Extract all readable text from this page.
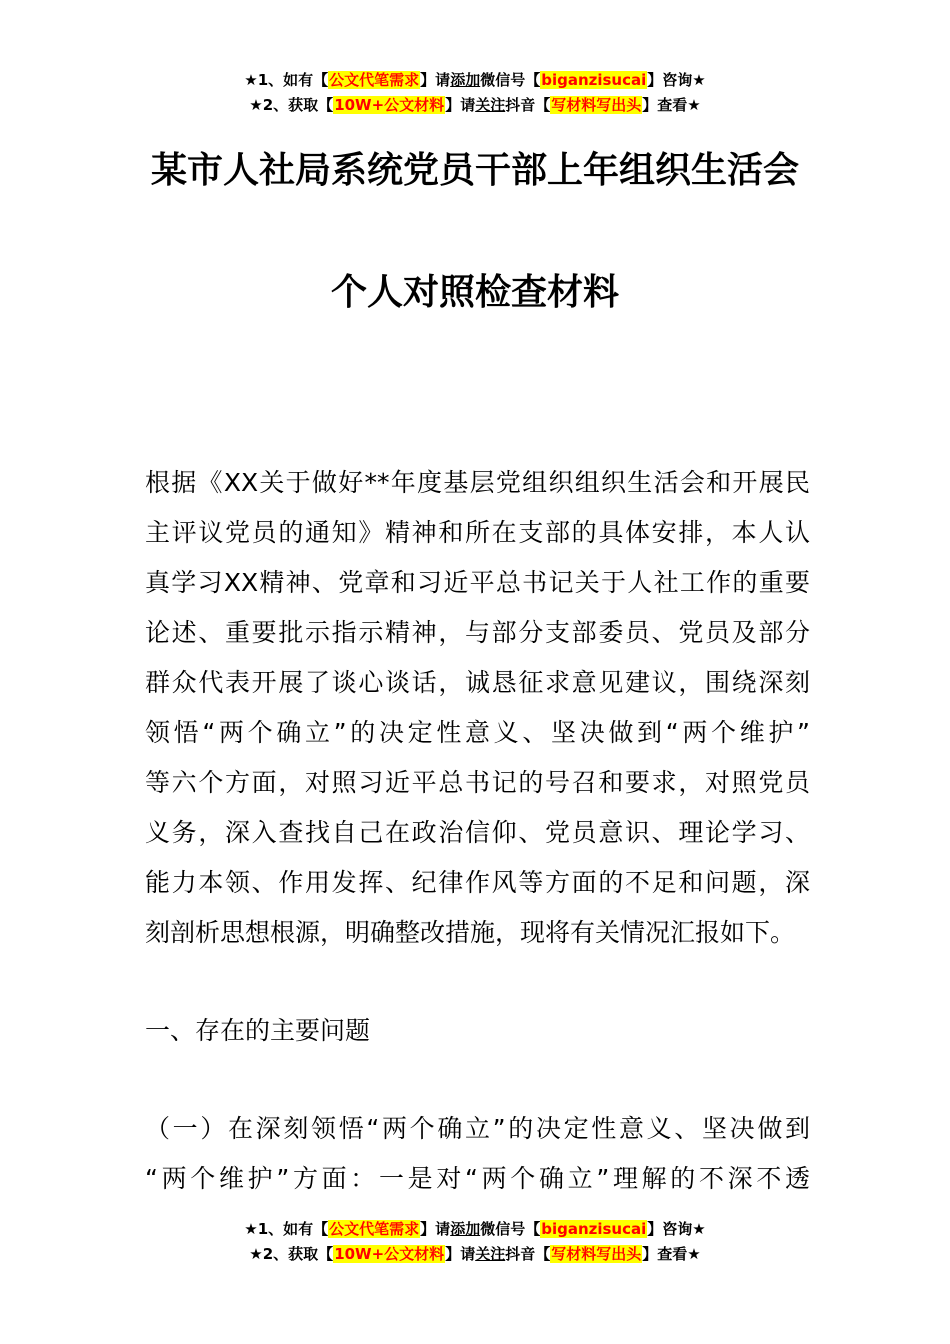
★1、如有【公文代笔需求】请添加微信号【biganzisucai】咨询★
★2、获取【10W+公文材料】请关注抖音【写材料写出头】查看★
某市人社局系统党员干部上年组织生活会
个人对照检查材料
根据《XX关于做好**年度基层党组织组织生活会和开展民
主评议党员的通知》精神和所在支部的具体安排，本人认
真学习XX精神、党章和习近平总书记关于人社工作的重要
论述、重要批示指示精神，与部分支部委员、党员及部分
群众代表开展了谈心谈话，诚恳征求意见建议，围绕深刻
领悟“两个确立”的决定性意义、坚决做到“两个维护”
等六个方面，对照习近平总书记的号召和要求，对照党员
义务，深入查找自己在政治信仰、党员意识、理论学习、
能力本领、作用发挥、纪律作风等方面的不足和问题，深
刻剖析思想根源，明确整改措施，现将有关情况汇报如下。
一、存在的主要问题
（一）在深刻领悟“两个确立”的决定性意义、坚决做到
“两个维护”方面：一是对“两个确立”理解的不深不透
★1、如有【公文代笔需求】请添加微信号【biganzisucai】咨询★
★2、获取【10W+公文材料】请关注抖音【写材料写出头】查看★
